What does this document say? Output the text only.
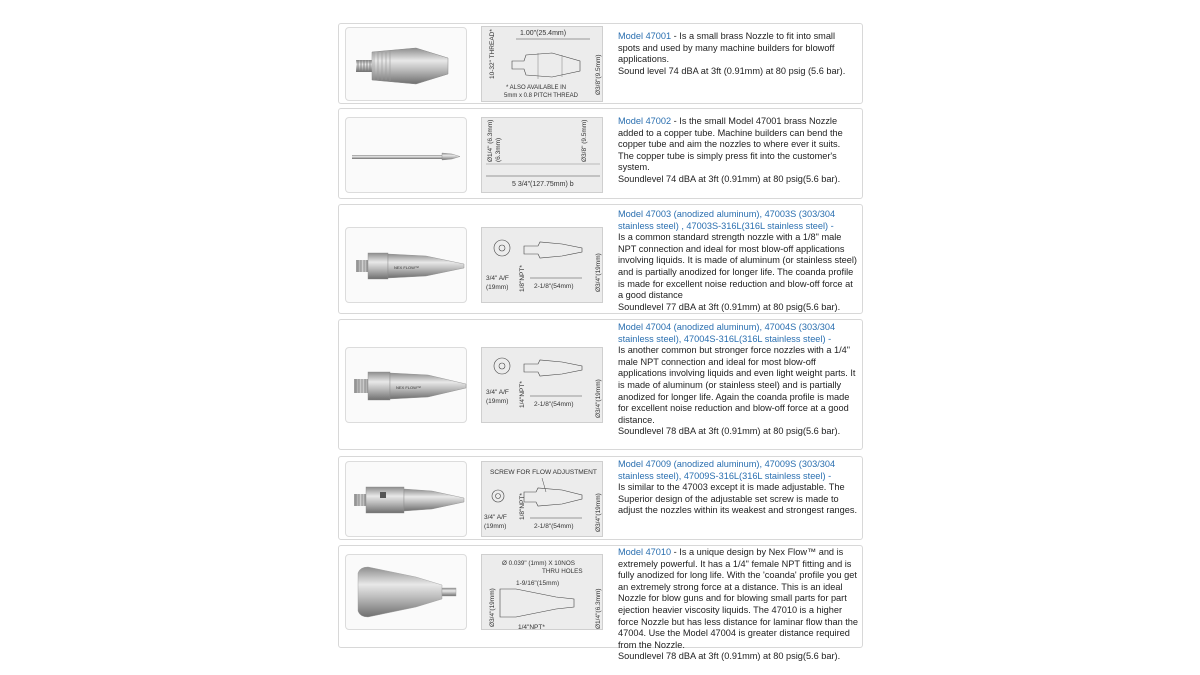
1.00"(25.4mm)
10-32" THREAD*	Ø3/8"(9.5mm)
* ALSO AVAILABLE IN
5mm x 0.8 PITCH THREAD

Model 47001 - Is a small brass Nozzle to fit into small spots and used by many machine builders for blowoff applications.

Sound level 74 dBA at 3ft (0.91mm) at 80 psig (5.6 bar).

Ø1/4" (6.3mm) (6.3mm)	Ø3/8" (9.5mm)
5 3/4"(127.75mm) b

Model 47002 - Is the small Model 47001 brass Nozzle added to a copper tube. Machine builders can bend the copper tube and aim the nozzles to where ever it suits. The copper tube is simply press fit into the customer's system.

Soundlevel 74 dBA at 3ft (0.91mm) at 80 psig(5.6 bar).

NEX FLOW™
3/4" A/F
(19mm) 1/8"NPT* 2-1/8"(54mm)	Ø3/4"(19mm)

Model 47003 (anodized aluminum), 47003S (303/304 stainless steel) , 47003S-316L(316L stainless steel) -

Is a common standard strength nozzle with a 1/8" male NPT connection and ideal for most blow-off applications involving liquids. It is made of aluminum (or stainless steel) and is partially anodized for longer life. The coanda profile is made for excellent noise reduction and blow-off force at a good distance

Soundlevel 77 dBA at 3ft (0.91mm) at 80 psig(5.6 bar).

NEX FLOW™
3/4" A/F
(19mm) 1/4"NPT* 2-1/8"(54mm)	Ø3/4"(19mm)

Model 47004 (anodized aluminum), 47004S (303/304 stainless steel), 47004S-316L(316L stainless steel) -

Is another common but stronger force nozzles with a 1/4" male NPT connection and ideal for most blow-off applications involving liquids and even light weight parts. It is made of aluminum (or stainless steel) and is partially anodized for longer life. Again the coanda profile is made for excellent noise reduction and blow-off force at a good distance.

Soundlevel 78 dBA at 3ft (0.91mm) at 80 psig(5.6 bar).

SCREW FOR FLOW ADJUSTMENT
3/4" A/F
(19mm)
1/8"NPT*
2-1/8"(54mm)	Ø3/4"(19mm)

Model 47009 (anodized aluminum), 47009S (303/304 stainless steel), 47009S-316L(316L stainless steel) -

Is similar to the 47003 except it is made adjustable. The Superior design of the adjustable set screw is made to adjust the nozzles within its weakest and strongest ranges.

Ø 0.039" (1mm) X 10NOS
THRU HOLES
1-9/16"(15mm)
Ø3/4"(19mm)	Ø1/4"(6.3mm)
1/4"NPT*

Model 47010 - Is a unique design by Nex Flow™ and is extremely powerful. It has a 1/4" female NPT fitting and is fully anodized for long life. With the 'coanda' profile you get an extremely strong force at a distance. This is an ideal Nozzle for blow guns and for blowing small parts for part ejection heavier viscosity liquids. The 47010 is a higher force Nozzle but has less distance for laminar flow than the 47004. Use the Model 47004 is greater distance required from the Nozzle.

Soundlevel 78 dBA at 3ft (0.91mm) at 80 psig(5.6 bar).
